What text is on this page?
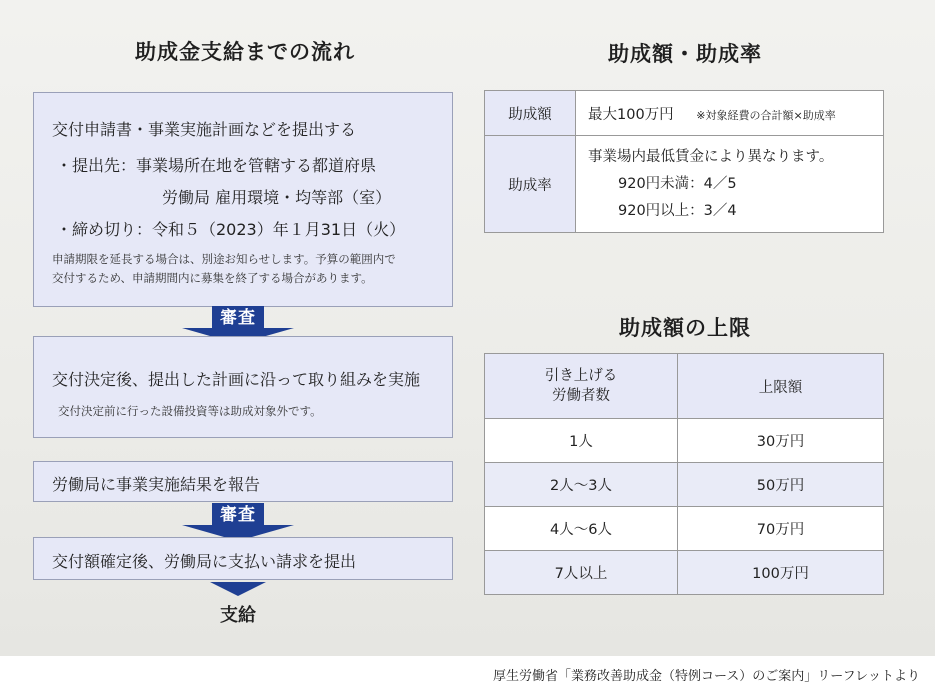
助成金支給までの流れ
交付申請書・事業実施計画などを提出する
・提出先：事業場所在地を管轄する都道府県
労働局 雇用環境・均等部（室）
・締め切り：令和５（2023）年１月31日（火）
申請期限を延長する場合は、別途お知らせします。予算の範囲内で
交付するため、申請期間内に募集を終了する場合があります。
審査
交付決定後、提出した計画に沿って取り組みを実施
交付決定前に行った設備投資等は助成対象外です。
労働局に事業実施結果を報告
審査
交付額確定後、労働局に支払い請求を提出
支給
助成額・助成率
助成額	最大100万円 ※対象経費の合計額×助成率
助成率	事業場内最低賃金により異なります。
920円未満：4／5
920円以上：3／4
助成額の上限
引き上げる
労働者数	上限額
1人	30万円
2人〜3人	50万円
4人〜6人	70万円
7人以上	100万円
厚生労働省「業務改善助成金（特例コース）のご案内」リーフレットより
